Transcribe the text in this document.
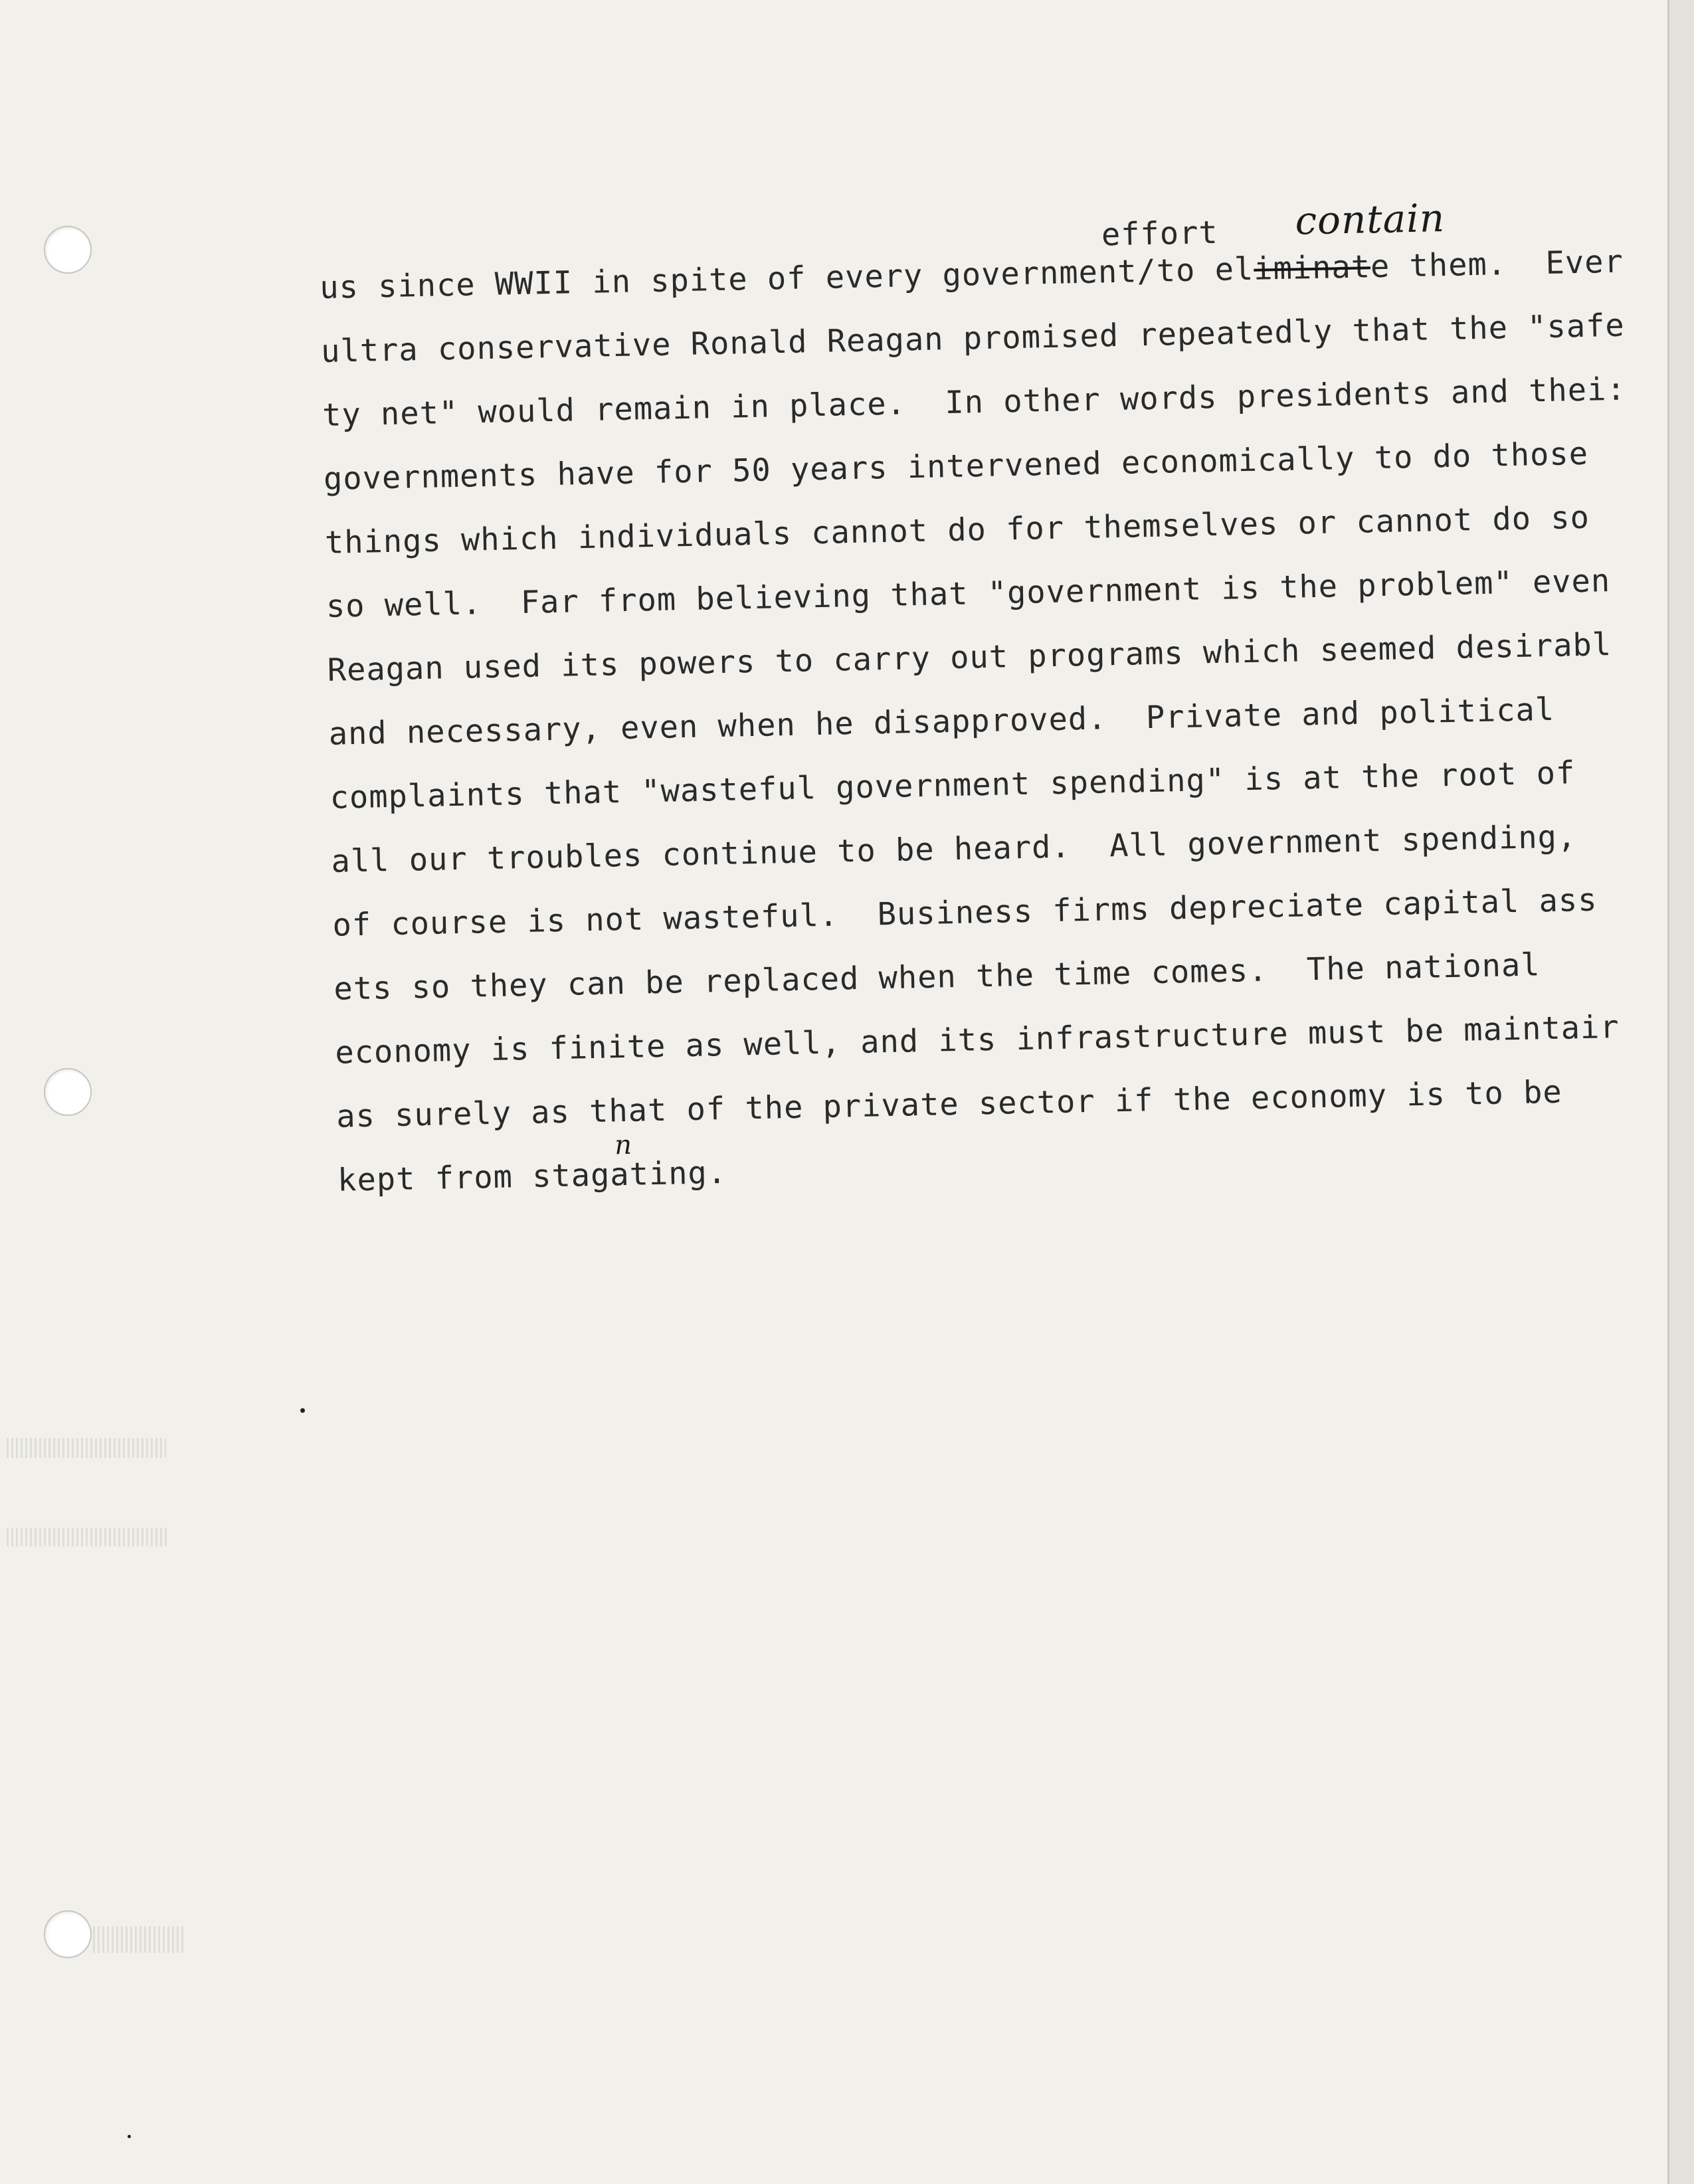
effort contain
us since WWII in spite of every government/to eliminate them.  Ever
ultra conservative Ronald Reagan promised repeatedly that the "safe
ty net" would remain in place.  In other words presidents and thei:
governments have for 50 years intervened economically to do those
things which individuals cannot do for themselves or cannot do so
so well.  Far from believing that "government is the problem" even
Reagan used its powers to carry out programs which seemed desirabl
and necessary, even when he disapproved.  Private and political
complaints that "wasteful government spending" is at the root of
all our troubles continue to be heard.  All government spending,
of course is not wasteful.  Business firms depreciate capital ass
ets so they can be replaced when the time comes.  The national
economy is finite as well, and its infrastructure must be maintair
as surely as that of the private sector if the economy is to be
n
kept from stagating.
